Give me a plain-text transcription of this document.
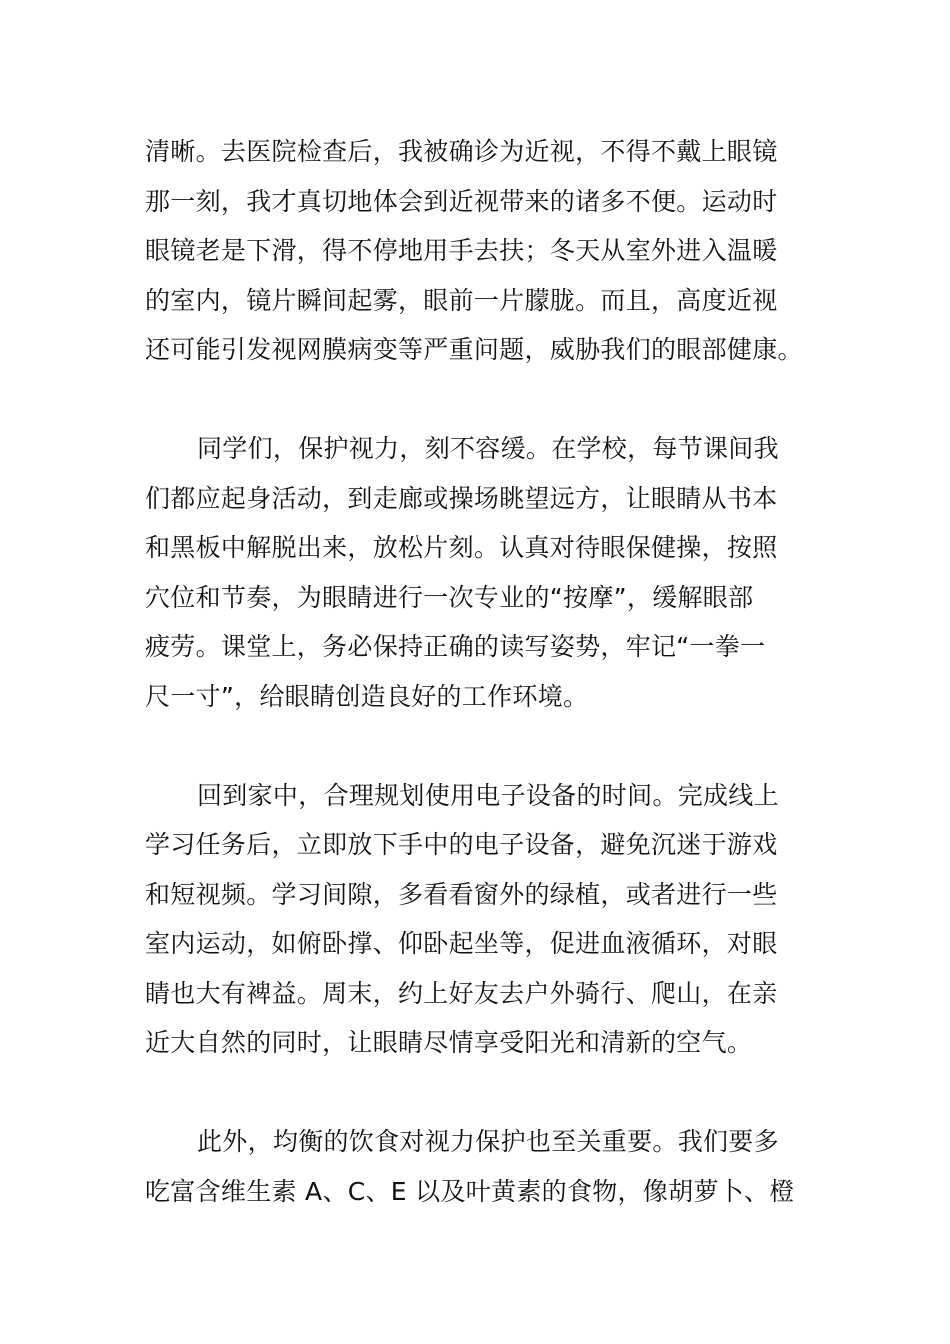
清晰。去医院检查后，我被确诊为近视，不得不戴上眼镜
那一刻，我才真切地体会到近视带来的诸多不便。运动时
眼镜老是下滑，得不停地用手去扶；冬天从室外进入温暖
的室内，镜片瞬间起雾，眼前一片朦胧。而且，高度近视
还可能引发视网膜病变等严重问题，威胁我们的眼部健康。
同学们，保护视力，刻不容缓。在学校，每节课间我
们都应起身活动，到走廊或操场眺望远方，让眼睛从书本
和黑板中解脱出来，放松片刻。认真对待眼保健操，按照
穴位和节奏，为眼睛进行一次专业的“按摩”，缓解眼部
疲劳。课堂上，务必保持正确的读写姿势，牢记“一拳一
尺一寸”，给眼睛创造良好的工作环境。
回到家中，合理规划使用电子设备的时间。完成线上
学习任务后，立即放下手中的电子设备，避免沉迷于游戏
和短视频。学习间隙，多看看窗外的绿植，或者进行一些
室内运动，如俯卧撑、仰卧起坐等，促进血液循环，对眼
睛也大有裨益。周末，约上好友去户外骑行、爬山，在亲
近大自然的同时，让眼睛尽情享受阳光和清新的空气。
此外，均衡的饮食对视力保护也至关重要。我们要多
吃富含维生素 A、C、E 以及叶黄素的食物，像胡萝卜、橙
